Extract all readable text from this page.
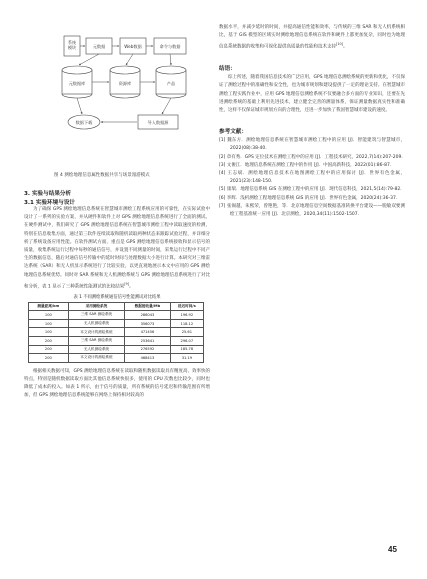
系统模块	元数据	Web数据	命令与数据
元数据库	资源库	产品
数据下载	导入数据源
图 4 测绘地理信息属性数据共享与场景漫游模式

3. 实验与结果分析

3.1 实验环境与设计

为了确保 GPS 测绘地理信息系统在智慧城市测绘工程系统应用的可靠性，在实际试验中设计了一系列的实验方案，并从硬件和软件上对 GPS 测绘地理信息系统进行了全面的测试。在硬件测试中，我们研究了 GPS 测绘地理信息系统在智慧城市测绘工程中读取速度的检测，特别在信息收集方面，通过第三软件连续读取和随机读取两种状态来跟踪试验过程，并详细分析了系统设备应用性能。在软件测试方面，重点是 GPS 测绘地理信息系统接收和显示信号的质量，收集系统运行过程中每秒的通信信号，并设置不同测量的时间，采集运行过程中不同产生的数据信息，随后对通信信号传输中的延时时间与处理数据大小进行计算。本研究对三维雷达系统（SAR）和无人机显示系统进行了比较实验，以更直观地展示本文中应用的 GPS 测绘地理信息系统优势。同时对 SAR 系统和无人机测绘系统与 GPS 测绘地理信息系统进行了对比和分析，表 1 显示了三种系统性能测试的比较结果[9]。

表 1 不同测绘系统通信信号性能测试对比结果
测量距离/km	采用测绘系统	数据接收量/Mb	延迟时间/s
100	三维 SAR 测绘系统	286043	196.92
100	无人机测绘系统	356073	118.12
100	本文设计的测绘系统	471456	25.61
200	三维 SAR 测绘系统	253641	296.07
200	无人机测绘系统	276592	185.78
200	本文设计的测绘系统	468413	31.19

根据相关数据可知，GPS 测绘地理信息系统在读取和随机数据读取具有精度高、效率快的特点，特别是随机数据读取方面比其他信息系统快很多，使用的 CPU 次数也比较少，同时也降低了成本的投入。如表 1 所示，由于信号的质量，所有系统的信号延迟和传输范围有所增加，但 GPS 测绘地理信息系统能够在网络上保持相对较高的

数据水平，并减少延时的时间，并提高通信性能和效率，与传统的三维 SAR 和无人机系统相比，基于 GIS 模型的区域实时测绘地理信息系统在软件和硬件上都更加复杂，同时也为地理信息系统数据的收集和可视化提供高质量的性能和技术支持[10]。

结语：

综上所述，随着我国信息技术的广泛应用，GPS 地理信息测绘系统的更新和优化，不仅保证了测绘过程中的准确性和安全性，也为城市规划和建设提供了一定的理论支持。在智慧城市测绘工程实践作业中，应用 GPS 地理信息测绘系统不仅要融合多方面的专业知识，还要在先进测绘系统的基础上利用先进技术，建立健全完善的测量体系，保证测量数据真实性和准确性，这样不仅保证城市规划方向的合理性，还进一步加快了我国智慧城市建设的速度。

参考文献：

[1] 魏东方．测绘地理信息系统在智慧城市测绘工程中的应用 [J]．智能建筑与智慧城市，2022(08):38-40.

[2] 章有秀．GPS 定位技术在测绘工程中的应用 [J]．工程技术研究，2022,7(14):207-209.

[3] 文俊江．地理信息系统在测绘工程中的作用 [J]．中国高新科技，2022(01):86-87.

[4] 王志斌．测绘地理信息技术在地图测绘工程中的应用探讨 [J]．世界有色金属，2021(23):148-150.

[5] 康瑞．地理信息系统 GIS 在测绘工程中的应用 [J]．现代信息科技，2021,5(14):79-82.

[6] 李辉．浅析测绘工程地理信息系统 GIS 的应用 [J]．世界有色金属，2020(24):36-37.

[7] 张锡越，朱熙荣，曾艳艳，等．北京地理信息空间数据基准转换平台建设——脱敏双要测绘工程基准统一应用 [J]．北京测绘，2020,34(11):1502-1507.

45
